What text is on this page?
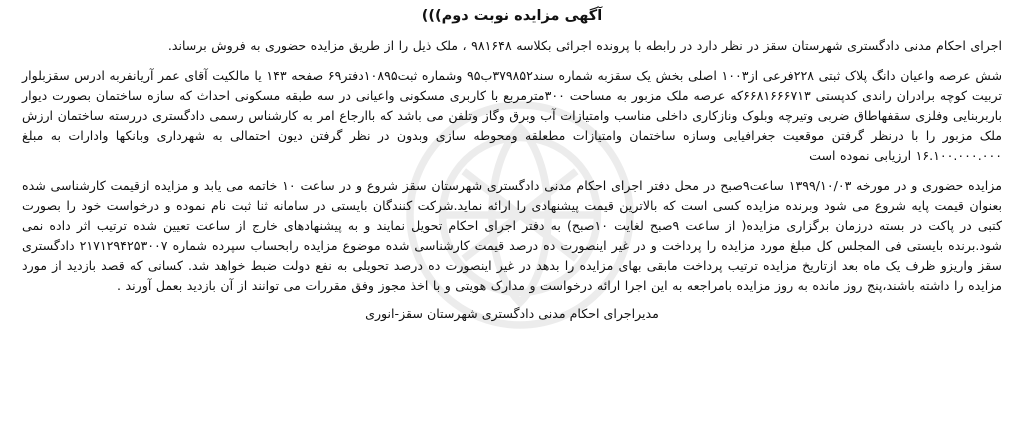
آگهی مزایده نوبت دوم)))

اجرای احکام مدنی دادگستری شهرستان سقز در نظر دارد در رابطه با پرونده اجرائی بکلاسه ۹۸۱۶۴۸ ، ملک ذیل را از طریق مزایده حضوری به فروش برساند.

شش عرصه واعیان دانگ پلاک ثبتی ۲۲۸فرعی از۱۰۰۳ اصلی بخش یک سقزبه شماره سند۳۷۹۸۵۲ب۹۵ وشماره ثبت۱۰۸۹۵دفتر۶۹ صفحه ۱۴۳ یا مالکیت آقای عمر آریانفربه ادرس سقزبلوار تربیت کوچه برادران راندی کدپستی ۶۶۸۱۶۶۶۷۱۳که عرصه ملک مزبور به مساحت ۳۰۰مترمربع با کاربری مسکونی واعیانی در سه طبقه مسکونی احداث که سازه ساختمان بصورت دیوار باربربنایی وفلزی سقفهاطاق ضربی وتیرچه وبلوک ونازکاری داخلی مناسب وامتیازات آب وبرق وگاز وتلفن می باشد که باارجاع امر به کارشناس رسمی دادگستری دررسته ساختمان ارزش ملک مزبور را با درنظر گرفتن موقعیت جغرافیایی وسازه ساختمان وامتیازات مطعلقه ومحوطه سازی وبدون در نظر گرفتن دیون احتمالی به شهرداری وبانکها وادارات به مبلغ ۱۶.۱۰۰.۰۰۰.۰۰۰ ارزیابی نموده است

مزایده حضوری و در مورخه ۱۳۹۹/۱۰/۰۳ ساعت۹صبح در محل دفتر اجرای احکام مدنی دادگستری شهرستان سقز شروع و در ساعت ۱۰ خاتمه می یابد و مزایده ازقیمت کارشناسی شده بعنوان قیمت پایه شروع می شود وبرنده مزایده کسی است که بالاترین قیمت پیشنهادی را ارائه نماید.شرکت کنندگان بایستی در سامانه ثنا ثبت نام نموده و درخواست خود را بصورت کتبی در پاکت در بسته درزمان برگزاری مزایده( از ساعت ۹صبح لغایت ۱۰صبح) به دفتر اجرای احکام تحویل نمایند و به پیشنهادهای خارج از ساعت تعیین شده ترتیب اثر داده نمی شود.برنده بایستی فی المجلس کل مبلغ مورد مزایده را پرداخت و در غیر اینصورت ده درصد قیمت کارشناسی شده موضوع مزایده رابحساب سپرده شماره ۲۱۷۱۲۹۴۲۵۳۰۰۷ دادگستری سقز واریزو ظرف یک ماه بعد ازتاریخ مزایده ترتیب پرداخت مابقی بهای مزایده را بدهد در غیر اینصورت ده درصد تحویلی به نفع دولت ضبط خواهد شد. کسانی که قصد بازدید از مورد مزایده را داشته باشند،پنج روز مانده به روز مزایده بامراجعه به این اجرا ارائه درخواست و مدارک هویتی و با اخذ مجوز وفق مقررات می توانند از آن بازدید بعمل آورند .

مدیراجرای احکام مدنی دادگستری شهرستان سقز-انوری
